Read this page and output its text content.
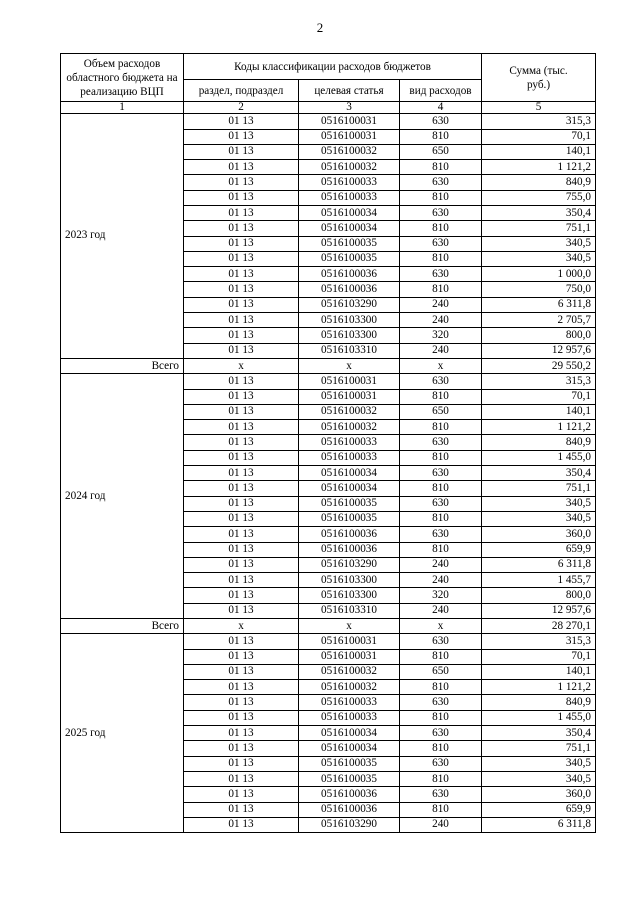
2
Объем расходов областного бюджета на реализацию ВЦП	Коды классификации расходов бюджетов			Сумма (тыс. руб.)
	раздел, подраздел	целевая статья	вид расходов	
1	2	3	4	5
2023 год	01 13	0516100031	630	315,3
	01 13	0516100031	810	70,1
	01 13	0516100032	650	140,1
	01 13	0516100032	810	1 121,2
	01 13	0516100033	630	840,9
	01 13	0516100033	810	755,0
	01 13	0516100034	630	350,4
	01 13	0516100034	810	751,1
	01 13	0516100035	630	340,5
	01 13	0516100035	810	340,5
	01 13	0516100036	630	1 000,0
	01 13	0516100036	810	750,0
	01 13	0516103290	240	6 311,8
	01 13	0516103300	240	2 705,7
	01 13	0516103300	320	800,0
	01 13	0516103310	240	12 957,6
Всего	х	х	х	29 550,2
2024 год	01 13	0516100031	630	315,3
	01 13	0516100031	810	70,1
	01 13	0516100032	650	140,1
	01 13	0516100032	810	1 121,2
	01 13	0516100033	630	840,9
	01 13	0516100033	810	1 455,0
	01 13	0516100034	630	350,4
	01 13	0516100034	810	751,1
	01 13	0516100035	630	340,5
	01 13	0516100035	810	340,5
	01 13	0516100036	630	360,0
	01 13	0516100036	810	659,9
	01 13	0516103290	240	6 311,8
	01 13	0516103300	240	1 455,7
	01 13	0516103300	320	800,0
	01 13	0516103310	240	12 957,6
Всего	х	х	х	28 270,1
2025 год	01 13	0516100031	630	315,3
	01 13	0516100031	810	70,1
	01 13	0516100032	650	140,1
	01 13	0516100032	810	1 121,2
	01 13	0516100033	630	840,9
	01 13	0516100033	810	1 455,0
	01 13	0516100034	630	350,4
	01 13	0516100034	810	751,1
	01 13	0516100035	630	340,5
	01 13	0516100035	810	340,5
	01 13	0516100036	630	360,0
	01 13	0516100036	810	659,9
	01 13	0516103290	240	6 311,8
